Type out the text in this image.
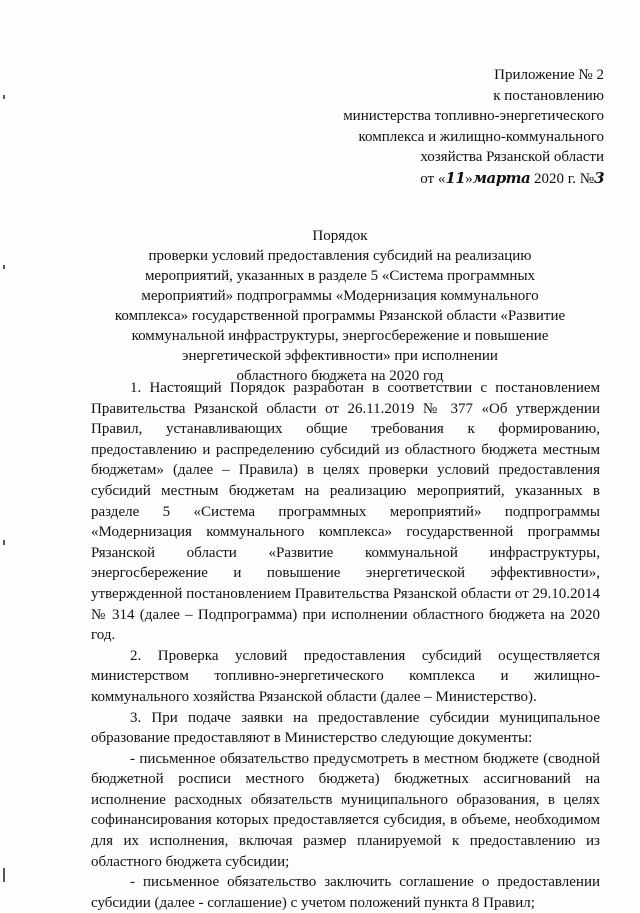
Приложение № 2
к постановлению
министерства топливно-энергетического
комплекса и жилищно-коммунального
хозяйства Рязанской области
от «11»марта 2020 г. №3
Порядок
проверки условий предоставления субсидий на реализацию
мероприятий, указанных в разделе 5 «Система программных
мероприятий» подпрограммы «Модернизация коммунального
комплекса» государственной программы Рязанской области «Развитие
коммунальной инфраструктуры, энергосбережение и повышение
энергетической эффективности» при исполнении
областного бюджета на 2020 год

1. Настоящий Порядок разработан в соответствии с постановлением Правительства Рязанской области от 26.11.2019 № 377 «Об утверждении Правил, устанавливающих общие требования к формированию, предоставлению и распределению субсидий из областного бюджета местным бюджетам» (далее – Правила) в целях проверки условий предоставления субсидий местным бюджетам на реализацию мероприятий, указанных в разделе 5 «Система программных мероприятий» подпрограммы «Модернизация коммунального комплекса» государственной программы Рязанской области «Развитие коммунальной инфраструктуры, энергосбережение и повышение энергетической эффективности», утвержденной постановлением Правительства Рязанской области от 29.10.2014 № 314 (далее – Подпрограмма) при исполнении областного бюджета на 2020 год.

2. Проверка условий предоставления субсидий осуществляется министерством топливно-энергетического комплекса и жилищно-коммунального хозяйства Рязанской области (далее – Министерство).

3. При подаче заявки на предоставление субсидии муниципальное образование предоставляют в Министерство следующие документы:

- письменное обязательство предусмотреть в местном бюджете (сводной бюджетной росписи местного бюджета) бюджетных ассигнований на исполнение расходных обязательств муниципального образования, в целях софинансирования которых предоставляется субсидия, в объеме, необходимом для их исполнения, включая размер планируемой к предоставлению из областного бюджета субсидии;

- письменное обязательство заключить соглашение о предоставлении субсидии (далее - соглашение) с учетом положений пункта 8 Правил;
